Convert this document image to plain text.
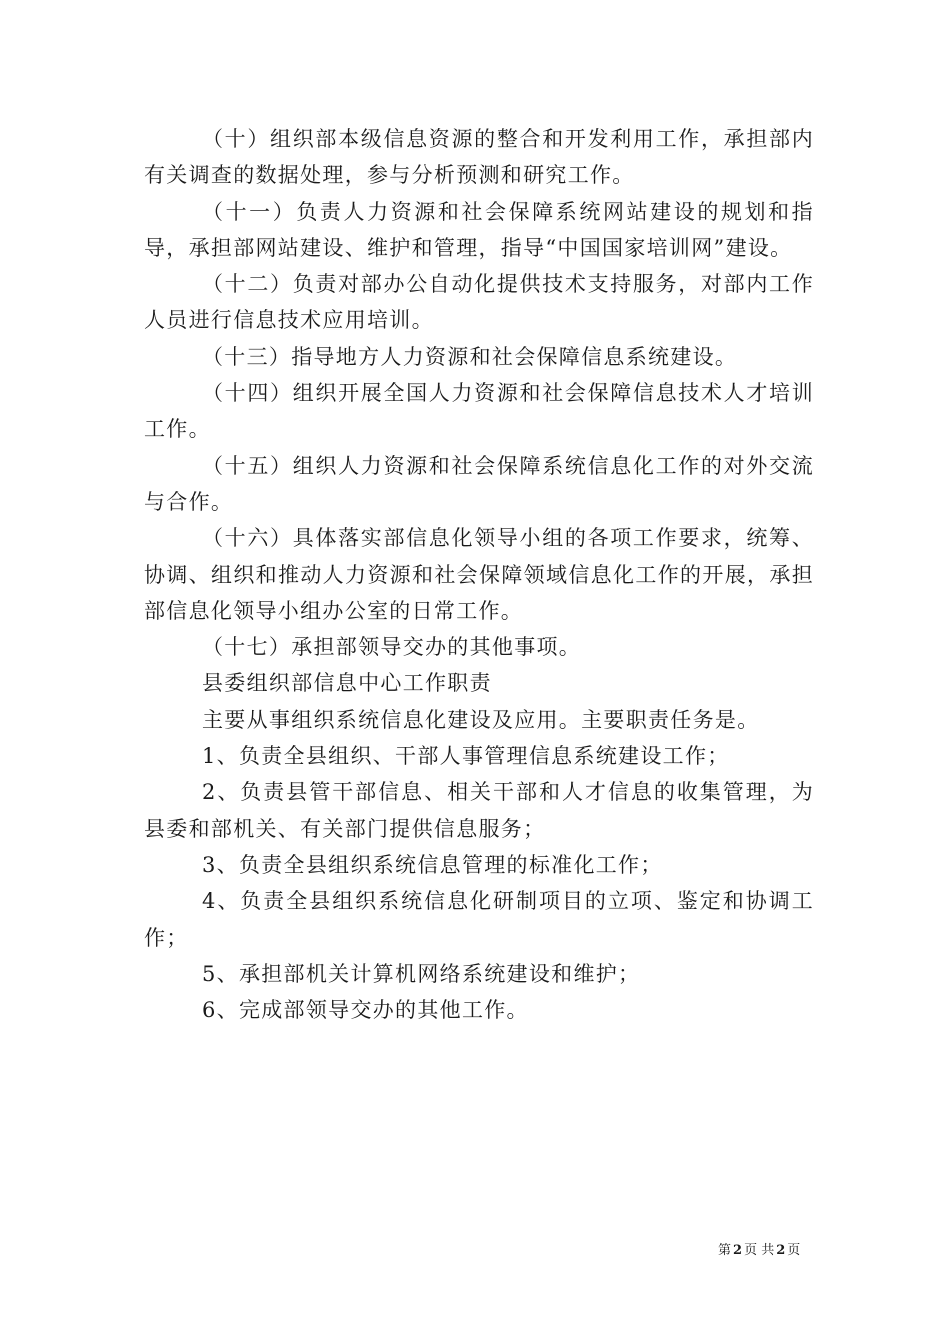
（十）组织部本级信息资源的整合和开发利用工作，承担部内有关调查的数据处理，参与分析预测和研究工作。

（十一）负责人力资源和社会保障系统网站建设的规划和指导，承担部网站建设、维护和管理，指导“中国国家培训网”建设。

（十二）负责对部办公自动化提供技术支持服务，对部内工作人员进行信息技术应用培训。

（十三）指导地方人力资源和社会保障信息系统建设。

（十四）组织开展全国人力资源和社会保障信息技术人才培训工作。

（十五）组织人力资源和社会保障系统信息化工作的对外交流与合作。

（十六）具体落实部信息化领导小组的各项工作要求，统筹、协调、组织和推动人力资源和社会保障领域信息化工作的开展，承担部信息化领导小组办公室的日常工作。

（十七）承担部领导交办的其他事项。

县委组织部信息中心工作职责

主要从事组织系统信息化建设及应用。主要职责任务是。

1、负责全县组织、干部人事管理信息系统建设工作；

2、负责县管干部信息、相关干部和人才信息的收集管理，为县委和部机关、有关部门提供信息服务；

3、负责全县组织系统信息管理的标准化工作；

4、负责全县组织系统信息化研制项目的立项、鉴定和协调工作；

5、承担部机关计算机网络系统建设和维护；

6、完成部领导交办的其他工作。

第 2 页 共 2 页
